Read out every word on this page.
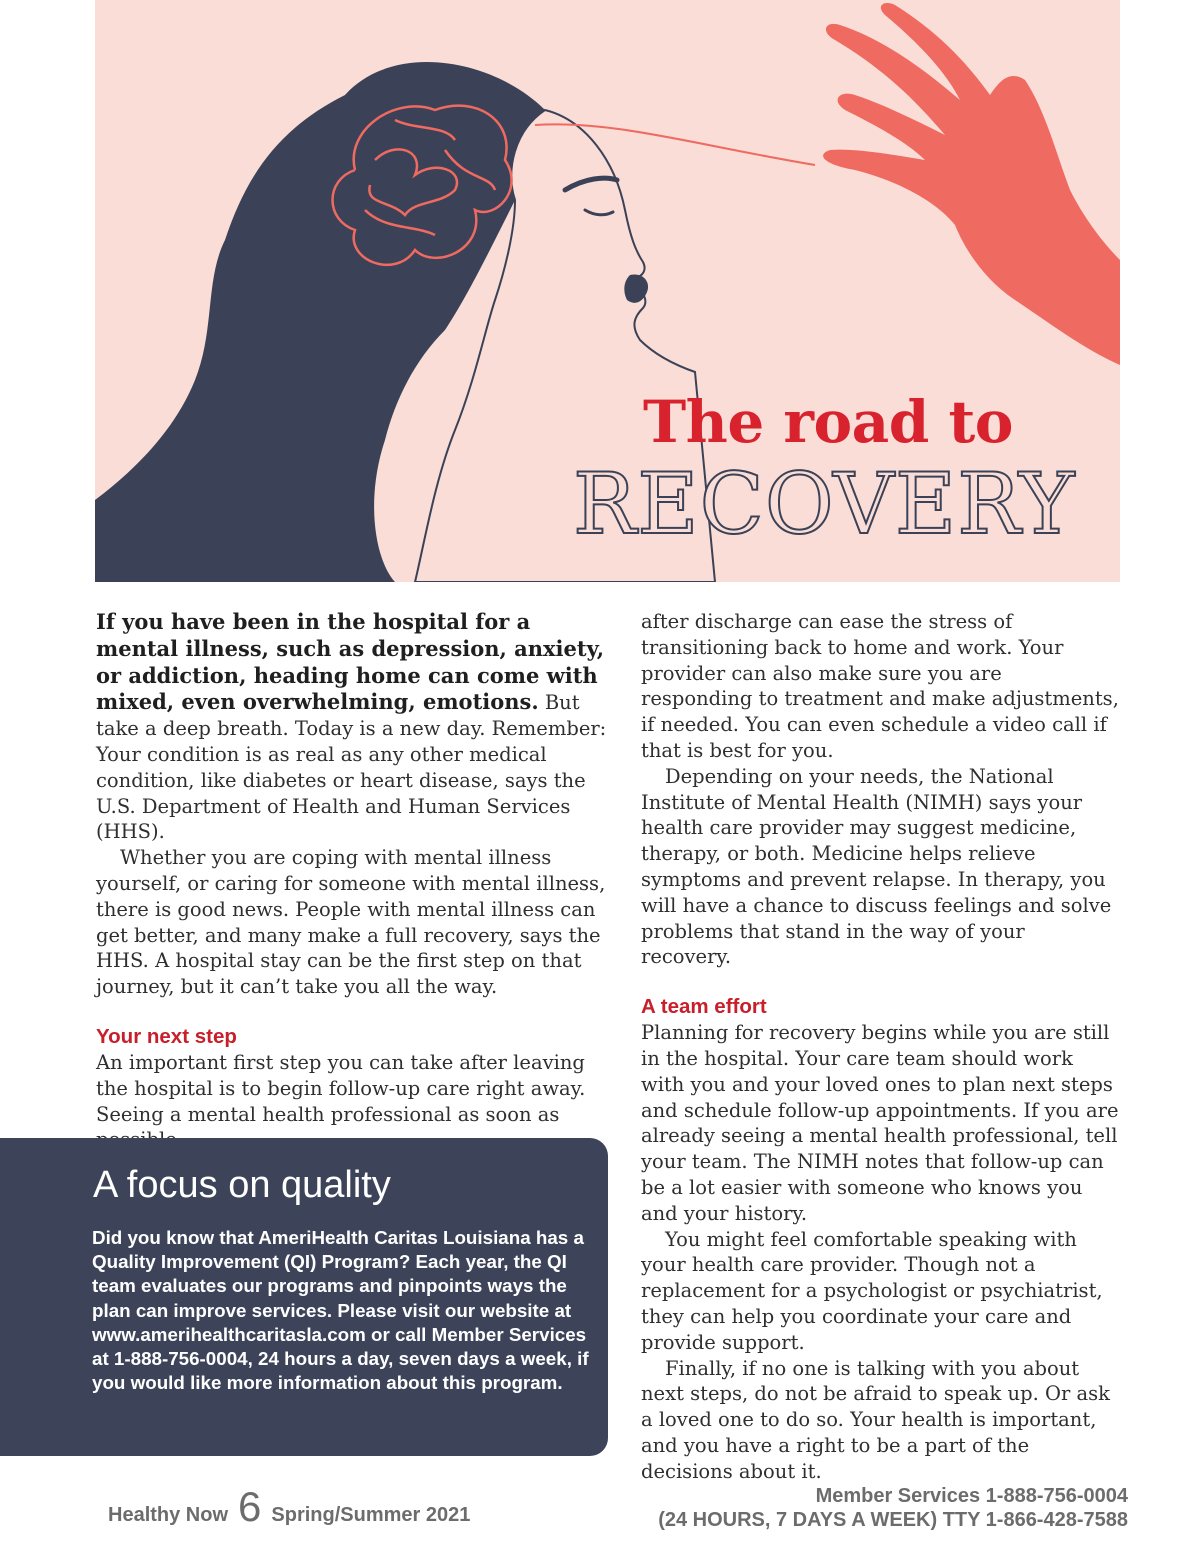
The road to
RECOVERY

If you have been in the hospital for a mental illness, such as depression, anxiety, or addiction, heading home can come with mixed, even overwhelming, emotions. But take a deep breath. Today is a new day. Remember: Your condition is as real as any other medical condition, like diabetes or heart disease, says the U.S. Department of Health and Human Services (HHS).

Whether you are coping with mental illness yourself, or caring for someone with mental illness, there is good news. People with mental illness can get better, and many make a full recovery, says the HHS. A hospital stay can be the first step on that journey, but it can’t take you all the way.

Your next step

An important first step you can take after leaving the hospital is to begin follow-up care right away. Seeing a mental health professional as soon as

after discharge can ease the stress of transitioning back to home and work. Your provider can also make sure you are responding to treatment and make adjustments, if needed. You can even schedule a video call if that is best for you.

Depending on your needs, the National Institute of Mental Health (NIMH) says your health care provider may suggest medicine, therapy, or both. Medicine helps relieve symptoms and prevent relapse. In therapy, you will have a chance to discuss feelings and solve problems that stand in the way of your recovery.

A team effort

Planning for recovery begins while you are still in the hospital. Your care team should work with you and your loved ones to plan next steps and schedule follow-up appointments. If you are already seeing a mental health professional, tell your team. The NIMH notes that follow-up can be a lot easier with someone who knows you and your history.

You might feel comfortable speaking with your health care provider. Though not a replacement for a psychologist or psychiatrist, they can help you coordinate your care and provide support.

Finally, if no one is talking with you about next steps, do not be afraid to speak up. Or ask a loved one to do so. Your health is important, and you have a right to be a part of the decisions about it.

A focus on quality
Did you know that AmeriHealth Caritas Louisiana has a Quality Improvement (QI) Program? Each year, the QI team evaluates our programs and pinpoints ways the plan can improve services. Please visit our website at www.amerihealthcaritasla.com or call Member Services at 1-888-756-0004, 24 hours a day, seven days a week, if you would like more information about this program.
Healthy Now 6 Spring/Summer 2021
Member Services 1-888-756-0004
(24 HOURS, 7 DAYS A WEEK) TTY 1-866-428-7588
